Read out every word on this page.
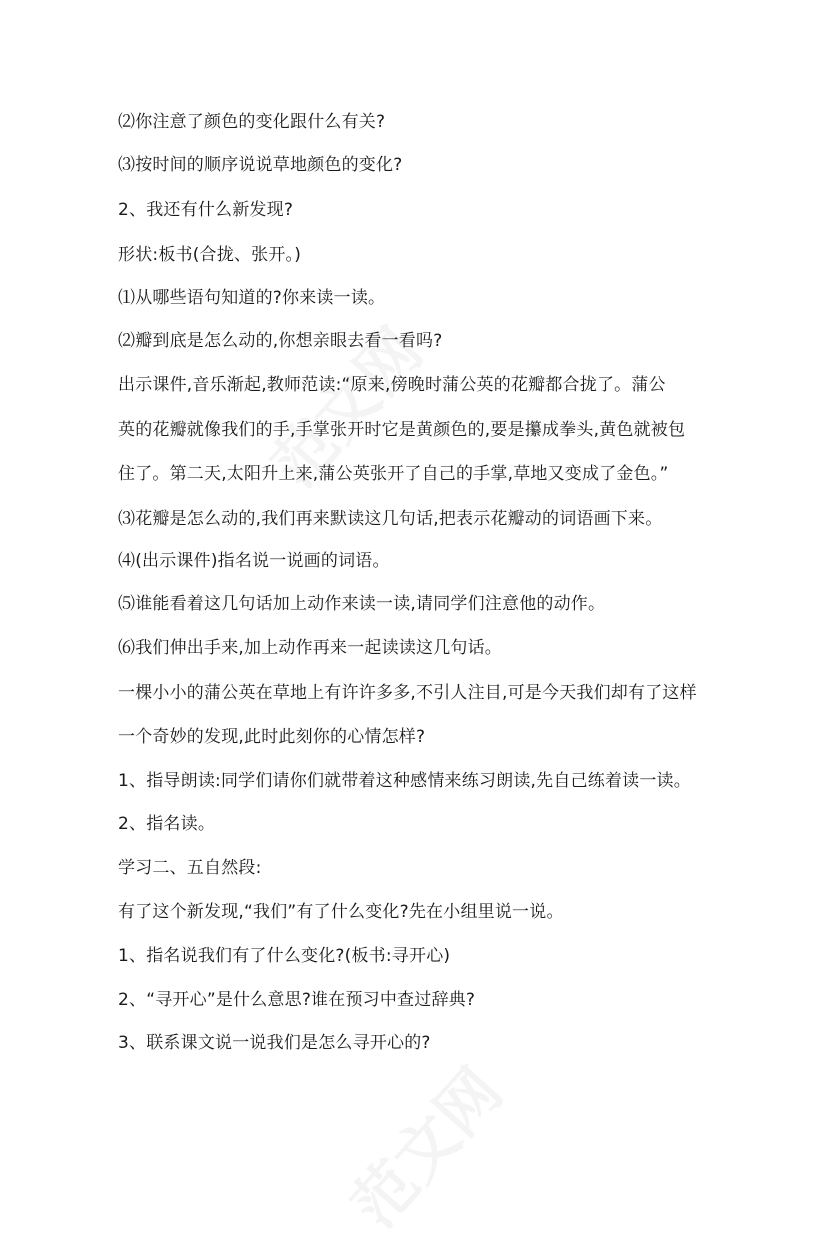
⑵你注意了颜色的变化跟什么有关?

⑶按时间的顺序说说草地颜色的变化?

2、我还有什么新发现?

形状:板书(合拢、张开。)

⑴从哪些语句知道的?你来读一读。

⑵瓣到底是怎么动的,你想亲眼去看一看吗?

出示课件,音乐渐起,教师范读:“原来,傍晚时蒲公英的花瓣都合拢了。蒲公

英的花瓣就像我们的手,手掌张开时它是黄颜色的,要是攥成拳头,黄色就被包

住了。第二天,太阳升上来,蒲公英张开了自己的手掌,草地又变成了金色。”

⑶花瓣是怎么动的,我们再来默读这几句话,把表示花瓣动的词语画下来。

⑷(出示课件)指名说一说画的词语。

⑸谁能看着这几句话加上动作来读一读,请同学们注意他的动作。

⑹我们伸出手来,加上动作再来一起读读这几句话。

一棵小小的蒲公英在草地上有许许多多,不引人注目,可是今天我们却有了这样

一个奇妙的发现,此时此刻你的心情怎样?

1、指导朗读:同学们请你们就带着这种感情来练习朗读,先自己练着读一读。

2、指名读。

学习二、五自然段:

有了这个新发现,“我们”有了什么变化?先在小组里说一说。

1、指名说我们有了什么变化?(板书:寻开心)

2、“寻开心”是什么意思?谁在预习中查过辞典?

3、联系课文说一说我们是怎么寻开心的?
